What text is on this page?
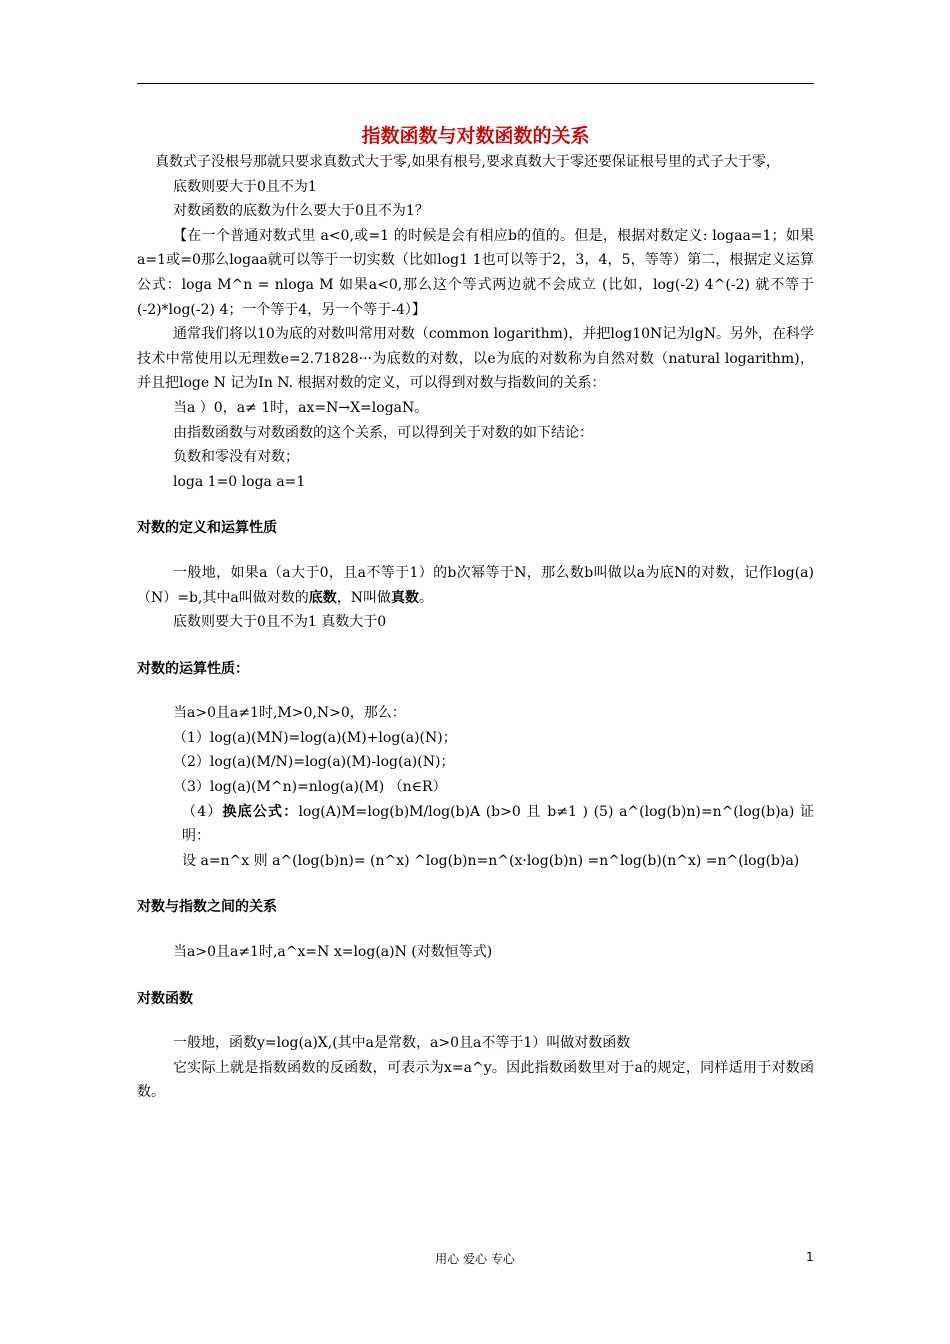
指数函数与对数函数的关系

真数式子没根号那就只要求真数式大于零,如果有根号,要求真数大于零还要保证根号里的式子大于零，

底数则要大于0且不为1

对数函数的底数为什么要大于0且不为1？

【在一个普通对数式里 a<0,或=1 的时候是会有相应b的值的。但是，根据对数定义: logaa=1；如果a=1或=0那么logaa就可以等于一切实数（比如log1 1也可以等于2，3，4，5，等等）第二，根据定义运算公式：loga M^n = nloga M 如果a<0,那么这个等式两边就不会成立 (比如，log(-2) 4^(-2) 就不等于(-2)*log(-2) 4；一个等于4，另一个等于-4）】

通常我们将以10为底的对数叫常用对数（common logarithm)，并把log10N记为lgN。另外，在科学技术中常使用以无理数e=2.71828···为底数的对数，以e为底的对数称为自然对数（natural logarithm)，并且把loge N 记为In N. 根据对数的定义，可以得到对数与指数间的关系：

当a ）0，a≠ 1时，ax=N→X=logaN。

由指数函数与对数函数的这个关系，可以得到关于对数的如下结论：

负数和零没有对数；

loga 1=0 loga a=1

对数的定义和运算性质

一般地，如果a（a大于0，且a不等于1）的b次幂等于N，那么数b叫做以a为底N的对数，记作log(a)（N）=b,其中a叫做对数的底数，N叫做真数。

底数则要大于0且不为1 真数大于0

对数的运算性质：

当a>0且a≠1时,M>0,N>0，那么：

（1）log(a)(MN)=log(a)(M)+log(a)(N)；

（2）log(a)(M/N)=log(a)(M)-log(a)(N)；

（3）log(a)(M^n)=nlog(a)(M) （n∈R）

（4）换底公式：log(A)M=log(b)M/log(b)A (b>0 且 b≠1 ) (5) a^(log(b)n)=n^(log(b)a) 证明：

设 a=n^x 则 a^(log(b)n)= (n^x) ^log(b)n=n^(x·log(b)n) =n^log(b)(n^x) =n^(log(b)a)

对数与指数之间的关系

当a>0且a≠1时,a^x=N x=log(a)N (对数恒等式)

对数函数

一般地，函数y=log(a)X,(其中a是常数，a>0且a不等于1）叫做对数函数

它实际上就是指数函数的反函数，可表示为x=a^y。因此指数函数里对于a的规定，同样适用于对数函数。

用心 爱心 专心	1
